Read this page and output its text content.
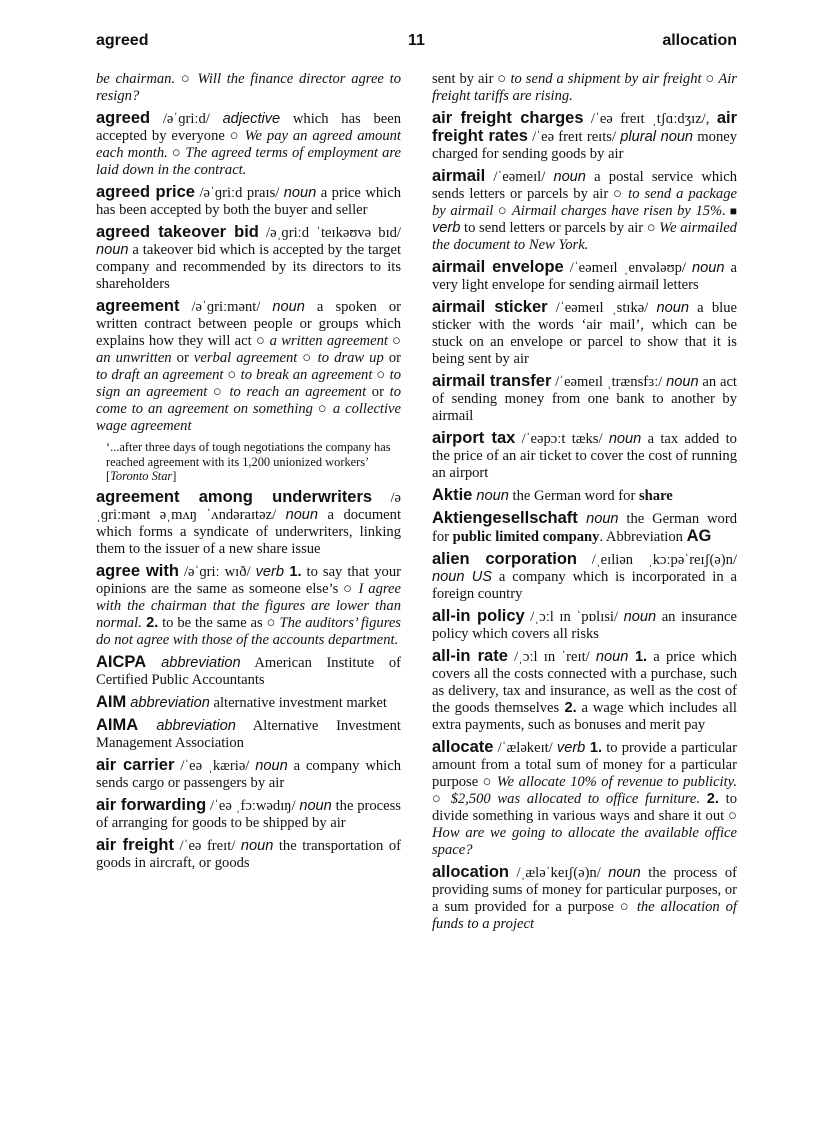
agreed	11	allocation

be chairman. ○ Will the finance director agree to resign?

agreed /əˈɡriːd/ adjective which has been accepted by everyone ○ We pay an agreed amount each month. ○ The agreed terms of employment are laid down in the contract.

agreed price /əˈɡriːd praɪs/ noun a price which has been accepted by both the buyer and seller

agreed takeover bid /əˌɡriːd ˈteɪkəʊvə bɪd/ noun a takeover bid which is accepted by the target company and recommended by its directors to its shareholders

agreement /əˈɡriːmənt/ noun a spoken or written contract between people or groups which explains how they will act ○ a written agreement ○ an unwritten or verbal agreement ○ to draw up or to draft an agreement ○ to break an agreement ○ to sign an agreement ○ to reach an agreement or to come to an agreement on something ○ a collective wage agreement

‘...after three days of tough negotiations the company has reached agreement with its 1,200 unionized workers’ [Toronto Star]

agreement among underwriters /əˌɡriːmənt əˌmʌŋ ˈʌndəraɪtəz/ noun a document which forms a syndicate of underwriters, linking them to the issuer of a new share issue

agree with /əˈɡriː wɪð/ verb 1. to say that your opinions are the same as someone else’s ○ I agree with the chairman that the figures are lower than normal. 2. to be the same as ○ The auditors’ figures do not agree with those of the accounts department.

AICPA abbreviation American Institute of Certified Public Accountants

AIM abbreviation alternative investment market

AIMA abbreviation Alternative Investment Management Association

air carrier /ˈeə ˌkæriə/ noun a company which sends cargo or passengers by air

air forwarding /ˈeə ˌfɔːwədɪŋ/ noun the process of arranging for goods to be shipped by air

air freight /ˈeə freɪt/ noun the transportation of goods in aircraft, or goods

sent by air ○ to send a shipment by air freight ○ Air freight tariffs are rising.

air freight charges /ˈeə freɪt ˌtʃɑːdʒɪz/, air freight rates /ˈeə freɪt reɪts/ plural noun money charged for sending goods by air

airmail /ˈeəmeɪl/ noun a postal service which sends letters or parcels by air ○ to send a package by airmail ○ Airmail charges have risen by 15%. ■ verb to send letters or parcels by air ○ We airmailed the document to New York.

airmail envelope /ˈeəmeɪl ˌenvələʊp/ noun a very light envelope for sending airmail letters

airmail sticker /ˈeəmeɪl ˌstɪkə/ noun a blue sticker with the words ‘air mail’, which can be stuck on an envelope or parcel to show that it is being sent by air

airmail transfer /ˈeəmeɪl ˌtrænsfɜː/ noun an act of sending money from one bank to another by airmail

airport tax /ˈeəpɔːt tæks/ noun a tax added to the price of an air ticket to cover the cost of running an airport

Aktie noun the German word for share

Aktiengesellschaft noun the German word for public limited company. Abbreviation AG

alien corporation /ˌeɪliən ˌkɔːpəˈreɪʃ(ə)n/ noun US a company which is incorporated in a foreign country

all-in policy /ˌɔːl ɪn ˈpɒlɪsi/ noun an insurance policy which covers all risks

all-in rate /ˌɔːl ɪn ˈreɪt/ noun 1. a price which covers all the costs connected with a purchase, such as delivery, tax and insurance, as well as the cost of the goods themselves 2. a wage which includes all extra payments, such as bonuses and merit pay

allocate /ˈæləkeɪt/ verb 1. to provide a particular amount from a total sum of money for a particular purpose ○ We allocate 10% of revenue to publicity. ○ $2,500 was allocated to office furniture. 2. to divide something in various ways and share it out ○ How are we going to allocate the available office space?

allocation /ˌæləˈkeɪʃ(ə)n/ noun the process of providing sums of money for particular purposes, or a sum provided for a purpose ○ the allocation of funds to a project
